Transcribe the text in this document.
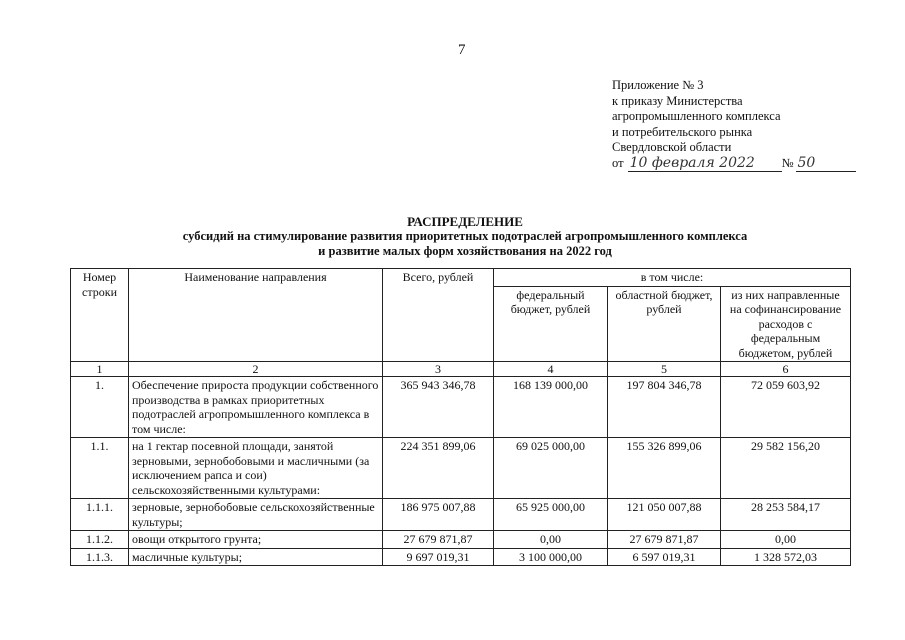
7
Приложение № 3
к приказу Министерства
агропромышленного комплекса
и потребительского рынка
Свердловской области
от 10 февраля 2022	№ 50
РАСПРЕДЕЛЕНИЕ
субсидий на стимулирование развития приоритетных подотраслей агропромышленного комплекса
и развитие малых форм хозяйствования на 2022 год
Номер строки	Наименование направления	Всего, рублей	в том числе:		
			федеральный бюджет, рублей	областной бюджет, рублей	из них направленные на софинансирование расходов с федеральным бюджетом, рублей
1	2	3	4	5	6
1.	Обеспечение прироста продукции собственного производства в рамках приоритетных подотраслей агропромышленного комплекса в том числе:	365 943 346,78	168 139 000,00	197 804 346,78	72 059 603,92
1.1.	на 1 гектар посевной площади, занятой зерновыми, зернобобовыми и масличными (за исключением рапса и сои) сельскохозяйственными культурами:	224 351 899,06	69 025 000,00	155 326 899,06	29 582 156,20
1.1.1.	зерновые, зернобобовые сельскохозяйственные культуры;	186 975 007,88	65 925 000,00	121 050 007,88	28 253 584,17
1.1.2.	овощи открытого грунта;	27 679 871,87	0,00	27 679 871,87	0,00
1.1.3.	масличные культуры;	9 697 019,31	3 100 000,00	6 597 019,31	1 328 572,03
